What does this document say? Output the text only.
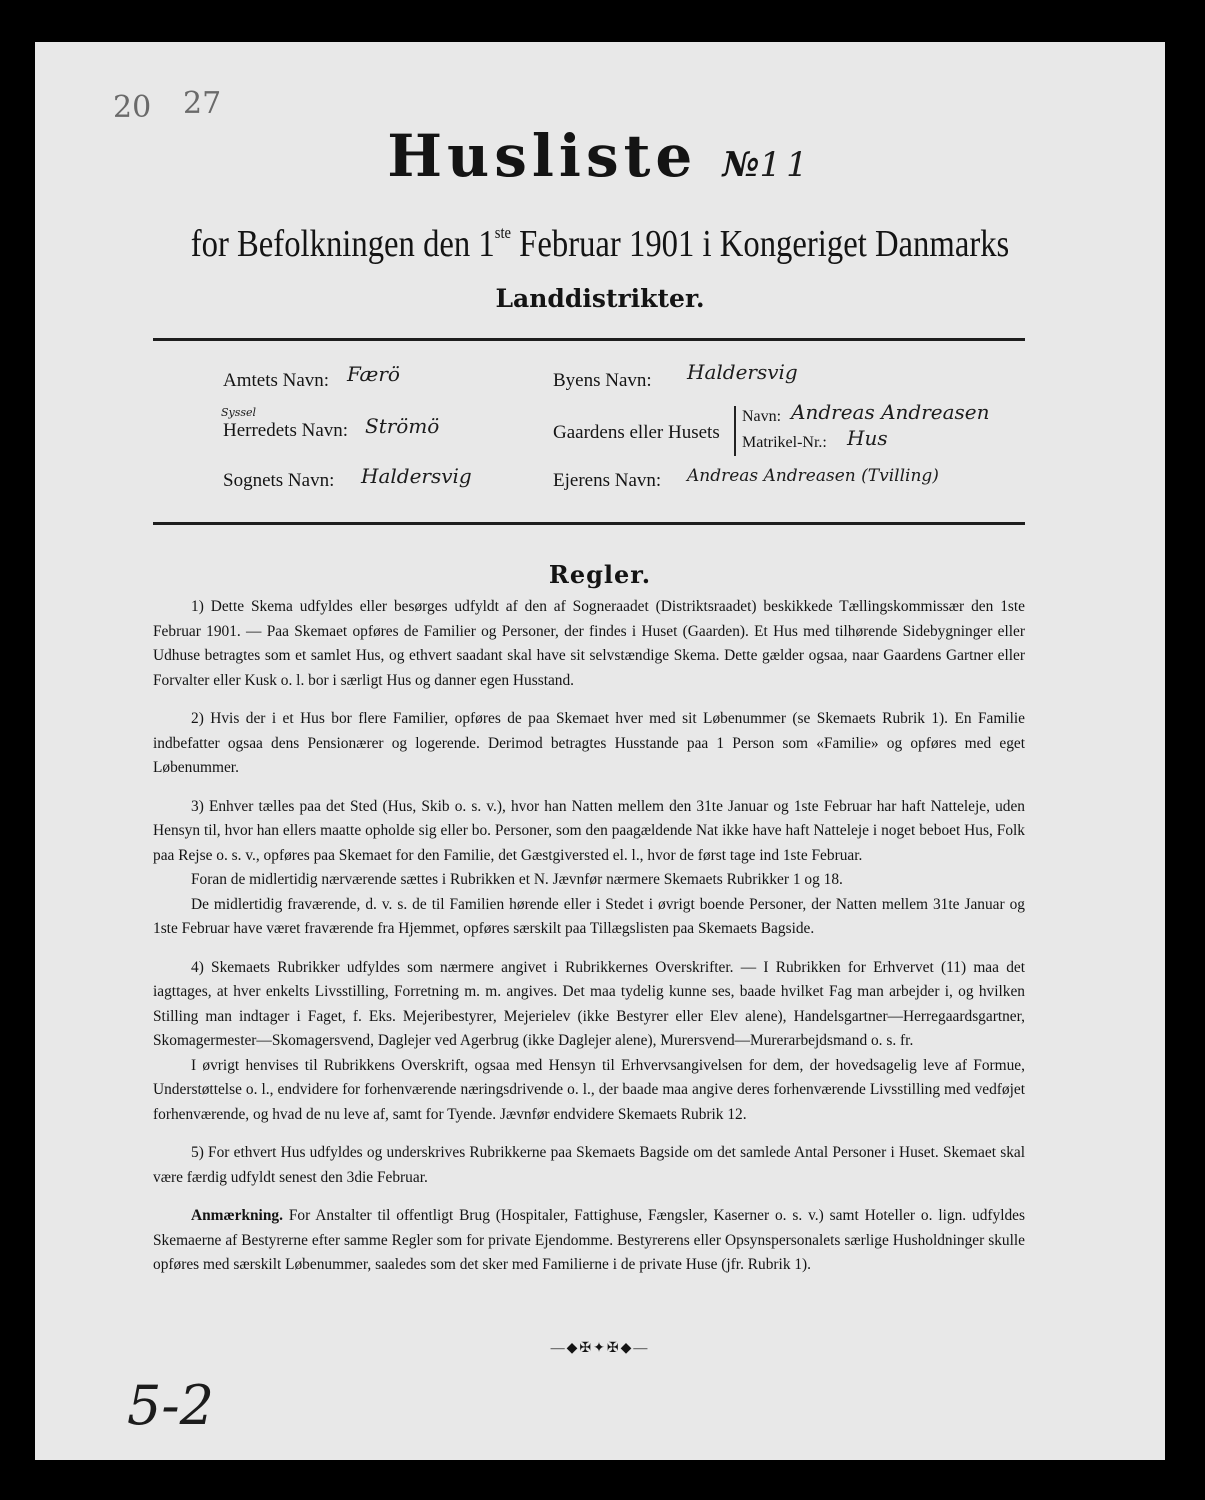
20 27
Husliste №11
for Befolkningen den 1ste Februar 1901 i Kongeriget Danmarks
Landdistrikter.
Amtets Navn: Færö
Syssel
Herredets Navn: Strömö
Sognets Navn: Haldersvig
Byens Navn: Haldersvig
Gaardens eller Husets
Navn: Andreas Andreasen
Matrikel-Nr.: Hus
Ejerens Navn: Andreas Andreasen (Tvilling)
Regler.

1) Dette Skema udfyldes eller besørges udfyldt af den af Sogneraadet (Distriktsraadet) beskikkede Tællingskommissær den 1ste Februar 1901. — Paa Skemaet opføres de Familier og Personer, der findes i Huset (Gaarden). Et Hus med tilhørende Sidebygninger eller Udhuse betragtes som et samlet Hus, og ethvert saadant skal have sit selvstændige Skema. Dette gælder ogsaa, naar Gaardens Gartner eller Forvalter eller Kusk o. l. bor i særligt Hus og danner egen Husstand.

2) Hvis der i et Hus bor flere Familier, opføres de paa Skemaet hver med sit Løbenummer (se Skemaets Rubrik 1). En Familie indbefatter ogsaa dens Pensionærer og logerende. Derimod betragtes Husstande paa 1 Person som «Familie» og opføres med eget Løbenummer.

3) Enhver tælles paa det Sted (Hus, Skib o. s. v.), hvor han Natten mellem den 31te Januar og 1ste Februar har haft Natteleje, uden Hensyn til, hvor han ellers maatte opholde sig eller bo. Personer, som den paagældende Nat ikke have haft Natteleje i noget beboet Hus, Folk paa Rejse o. s. v., opføres paa Skemaet for den Familie, det Gæstgiversted el. l., hvor de først tage ind 1ste Februar.

Foran de midlertidig nærværende sættes i Rubrikken et N. Jævnfør nærmere Skemaets Rubrikker 1 og 18.

De midlertidig fraværende, d. v. s. de til Familien hørende eller i Stedet i øvrigt boende Personer, der Natten mellem 31te Januar og 1ste Februar have været fraværende fra Hjemmet, opføres særskilt paa Tillægslisten paa Skemaets Bagside.

4) Skemaets Rubrikker udfyldes som nærmere angivet i Rubrikkernes Overskrifter. — I Rubrikken for Erhvervet (11) maa det iagttages, at hver enkelts Livsstilling, Forretning m. m. angives. Det maa tydelig kunne ses, baade hvilket Fag man arbejder i, og hvilken Stilling man indtager i Faget, f. Eks. Mejeribestyrer, Mejerielev (ikke Bestyrer eller Elev alene), Handelsgartner—Herregaardsgartner, Skomagermester—Skomagersvend, Daglejer ved Agerbrug (ikke Daglejer alene), Murersvend—Murerarbejdsmand o. s. fr.

I øvrigt henvises til Rubrikkens Overskrift, ogsaa med Hensyn til Erhvervsangivelsen for dem, der hovedsagelig leve af Formue, Understøttelse o. l., endvidere for forhenværende næringsdrivende o. l., der baade maa angive deres forhenværende Livsstilling med vedføjet forhenværende, og hvad de nu leve af, samt for Tyende. Jævnfør endvidere Skemaets Rubrik 12.

5) For ethvert Hus udfyldes og underskrives Rubrikkerne paa Skemaets Bagside om det samlede Antal Personer i Huset. Skemaet skal være færdig udfyldt senest den 3die Februar.

Anmærkning. For Anstalter til offentligt Brug (Hospitaler, Fattighuse, Fængsler, Kaserner o. s. v.) samt Hoteller o. lign. udfyldes Skemaerne af Bestyrerne efter samme Regler som for private Ejendomme. Bestyrerens eller Opsynspersonalets særlige Husholdninger skulle opføres med særskilt Løbenummer, saaledes som det sker med Familierne i de private Huse (jfr. Rubrik 1).

—◆✠✦✠◆—
5-2
